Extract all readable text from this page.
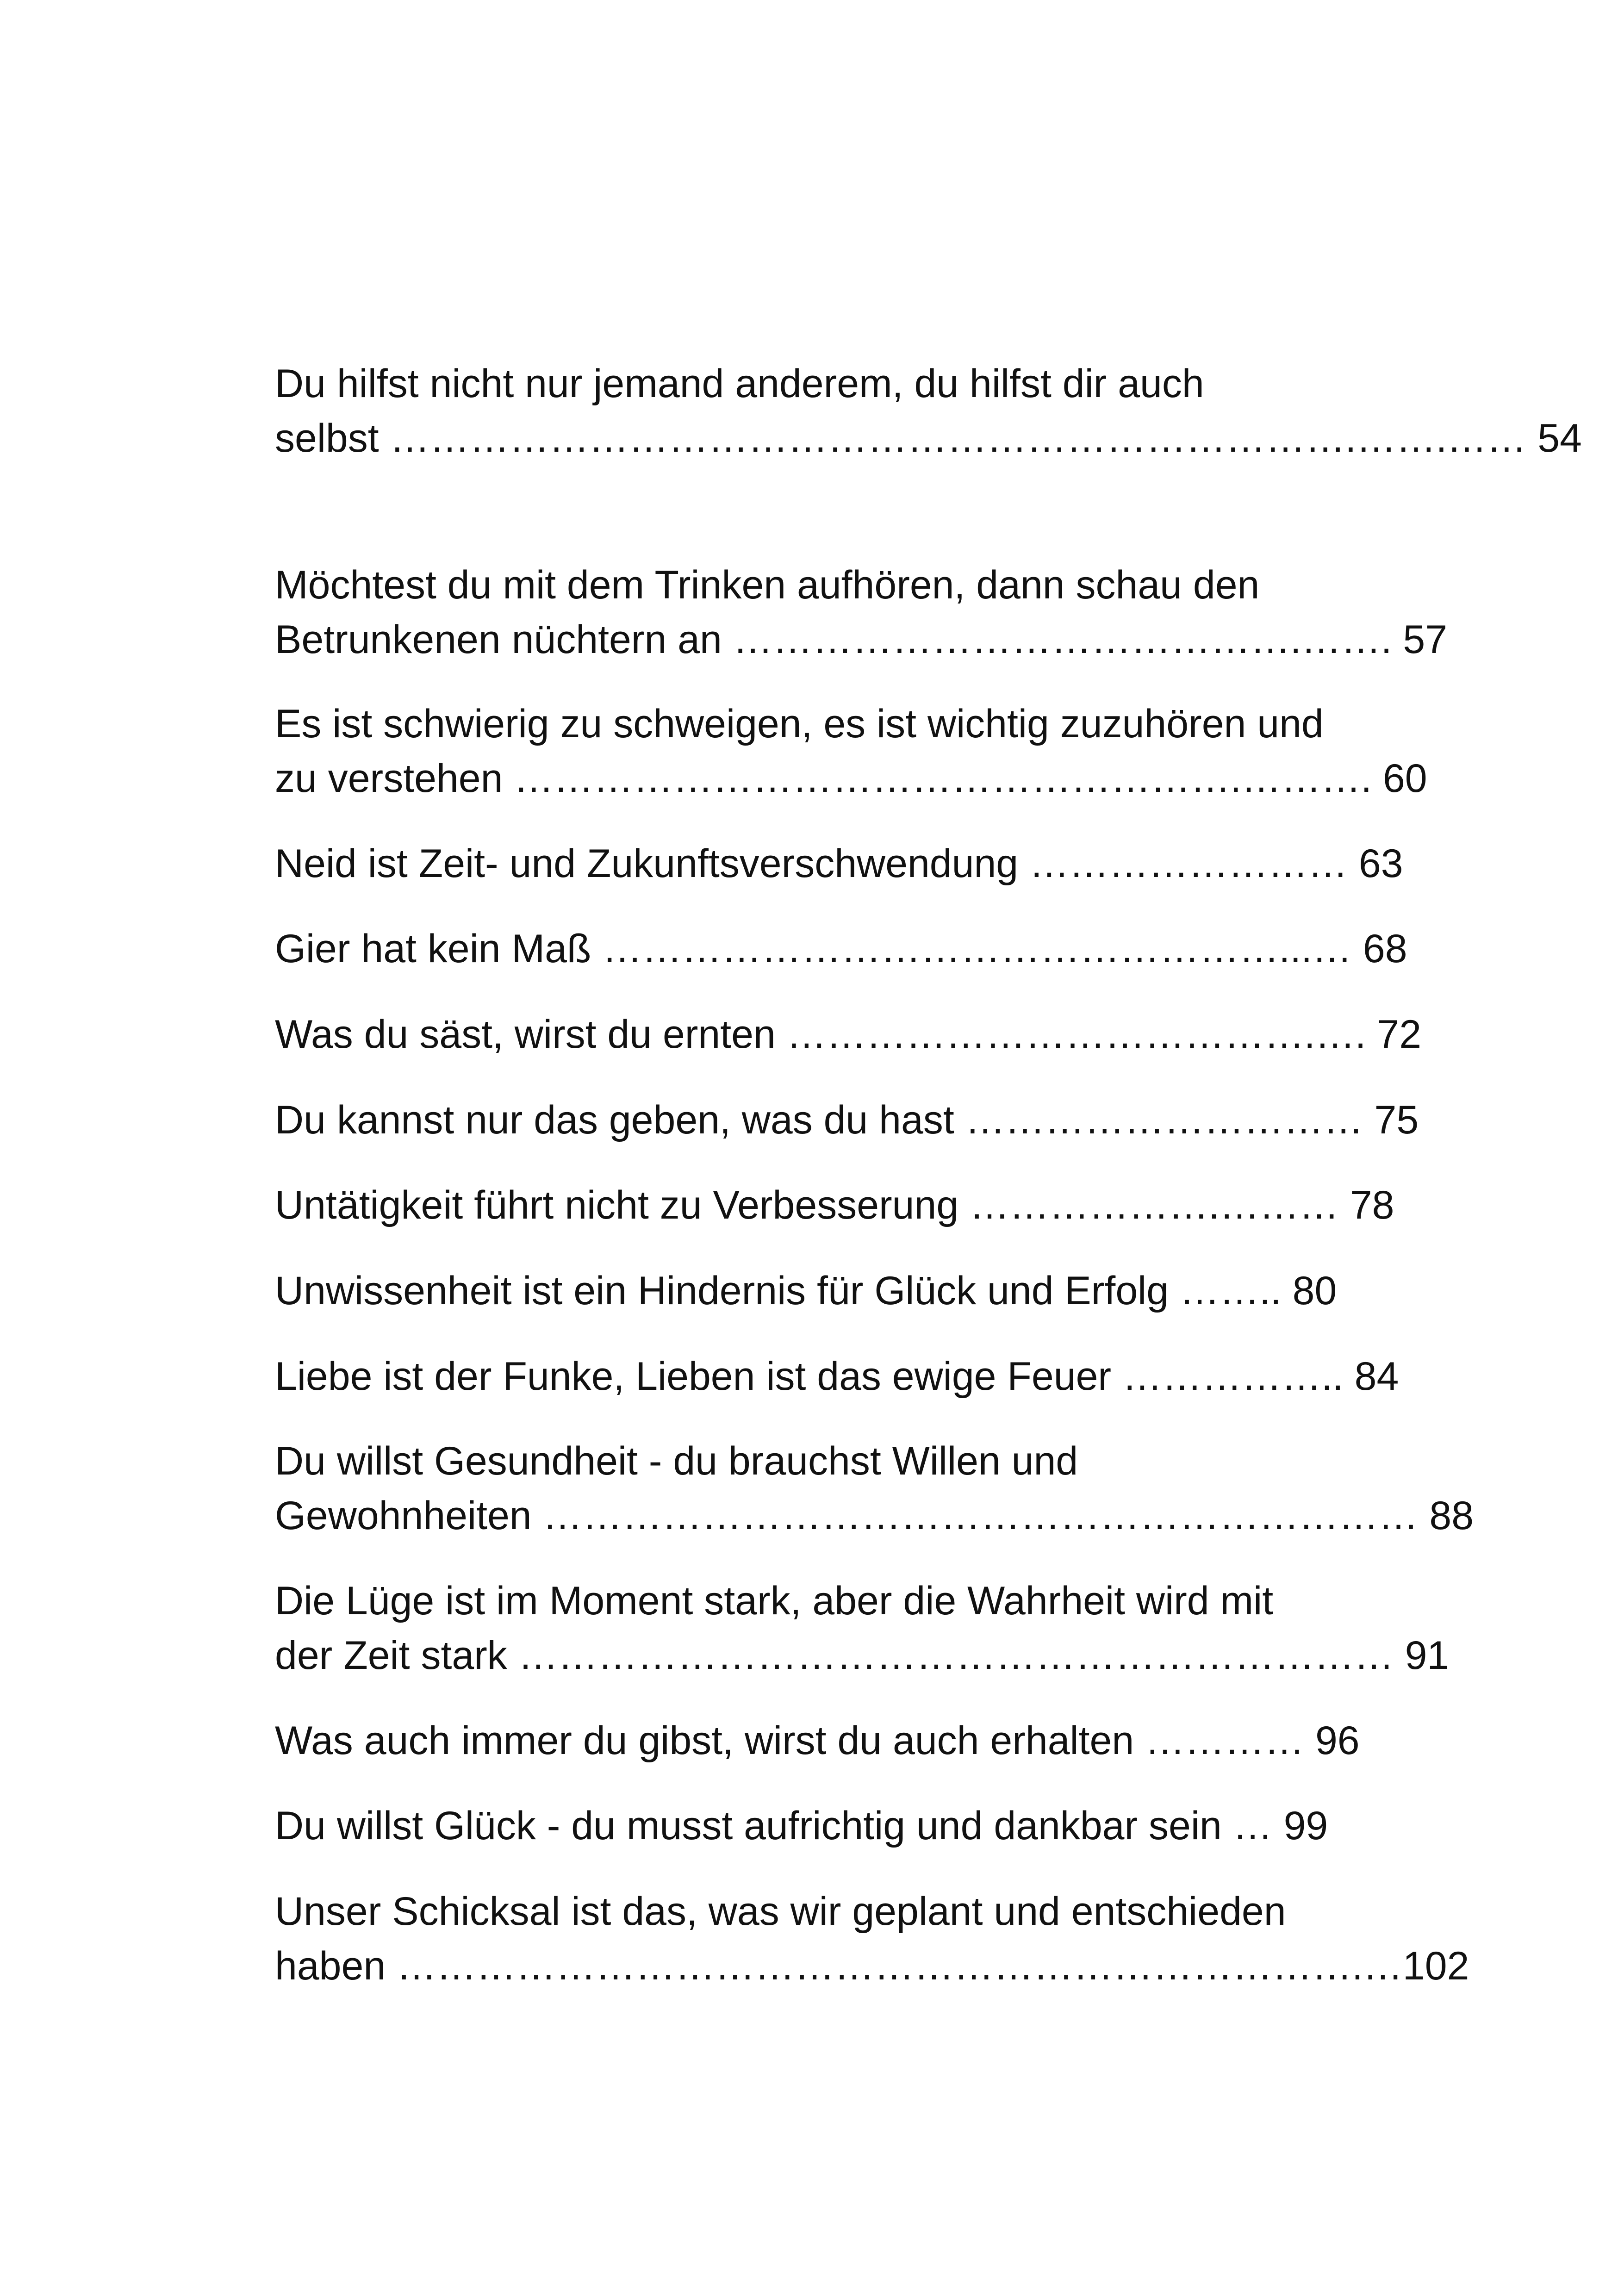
Du hilfst nicht nur jemand anderem, du hilfst dir auch
selbst ……………………………………………………………….…….…… 54
Möchtest du mit dem Trinken aufhören, dann schau den
Betrunkenen nüchtern an …………………………………….……. 57
Es ist schwierig zu schweigen, es ist wichtig zuzuhören und
zu verstehen ……………………………………………….………. 60
Neid ist Zeit- und Zukunftsverschwendung …………………… 63
Gier hat kein Maß ……………………………………………...… 68
Was du säst, wirst du ernten ………………………………….…. 72
Du kannst nur das geben, was du hast ………………………… 75
Untätigkeit führt nicht zu Verbesserung ……………….……… 78
Unwissenheit ist ein Hindernis für Glück und Erfolg …….. 80
Liebe ist der Funke, Lieben ist das ewige Feuer …………….. 84
Du willst Gesundheit - du brauchst Willen und
Gewohnheiten ………………………………………………………… 88
Die Lüge ist im Moment stark, aber die Wahrheit wird mit
der Zeit stark ………………………………………………………… 91
Was auch immer du gibst, wirst du auch erhalten ………… 96
Du willst Glück - du musst aufrichtig und dankbar sein … 99
Unser Schicksal ist das, was wir geplant und entschieden
haben ……………………………………………………………….…102
